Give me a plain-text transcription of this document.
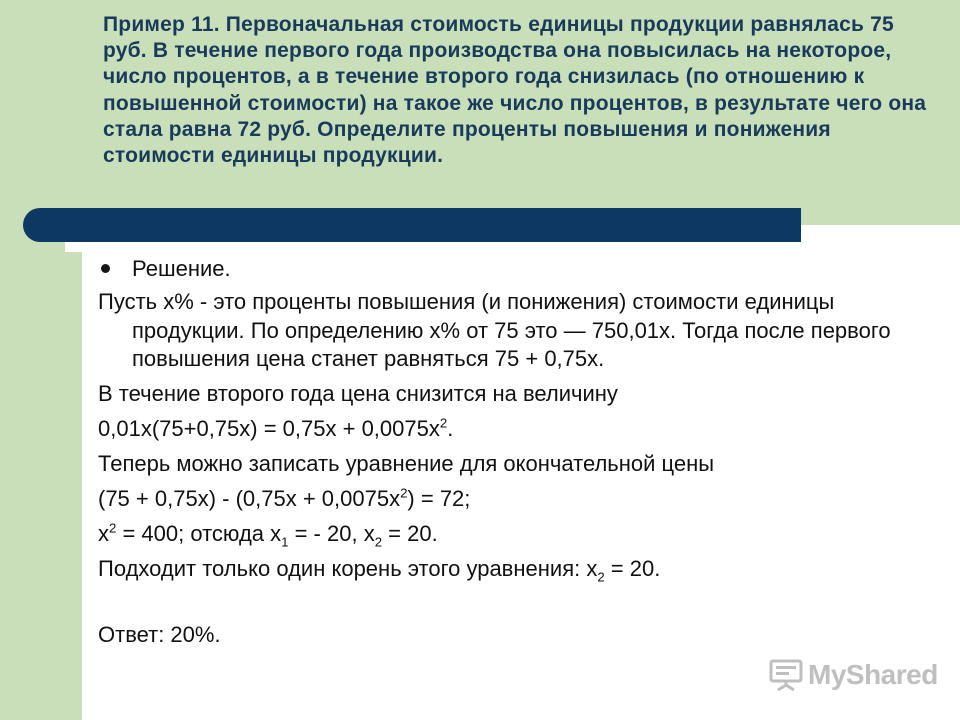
Пример 11. Первоначальная стоимость единицы продукции равнялась 75 руб. В течение первого года производства она повысилась на некоторое, число процентов, а в течение второго года снизилась (по отношению к повышенной стоимости) на такое же число процентов, в результате чего она стала равна 72 руб. Определите проценты повышения и понижения стоимости единицы продукции.

Решение.

Пусть х% - это проценты повышения (и понижения) стоимости единицы продукции. По определению х% от 75 это — 750,01х. Тогда после первого повышения цена станет равняться 75 + 0,75х.

В течение второго года цена снизится на величину

$0,01х(75+0,75х) = 0,75х + 0,0075х^2$.

Теперь можно записать уравнение для окончательной цены

$(75 + 0,75х) - (0,75х + 0,0075х^2) = 72$;

$х^2 = 400$; отсюда $х_1$ = - 20, $х_2 = 20$.

Подходит только один корень этого уравнения: $х_2 = 20$.

Ответ: 20%.

MyShared
